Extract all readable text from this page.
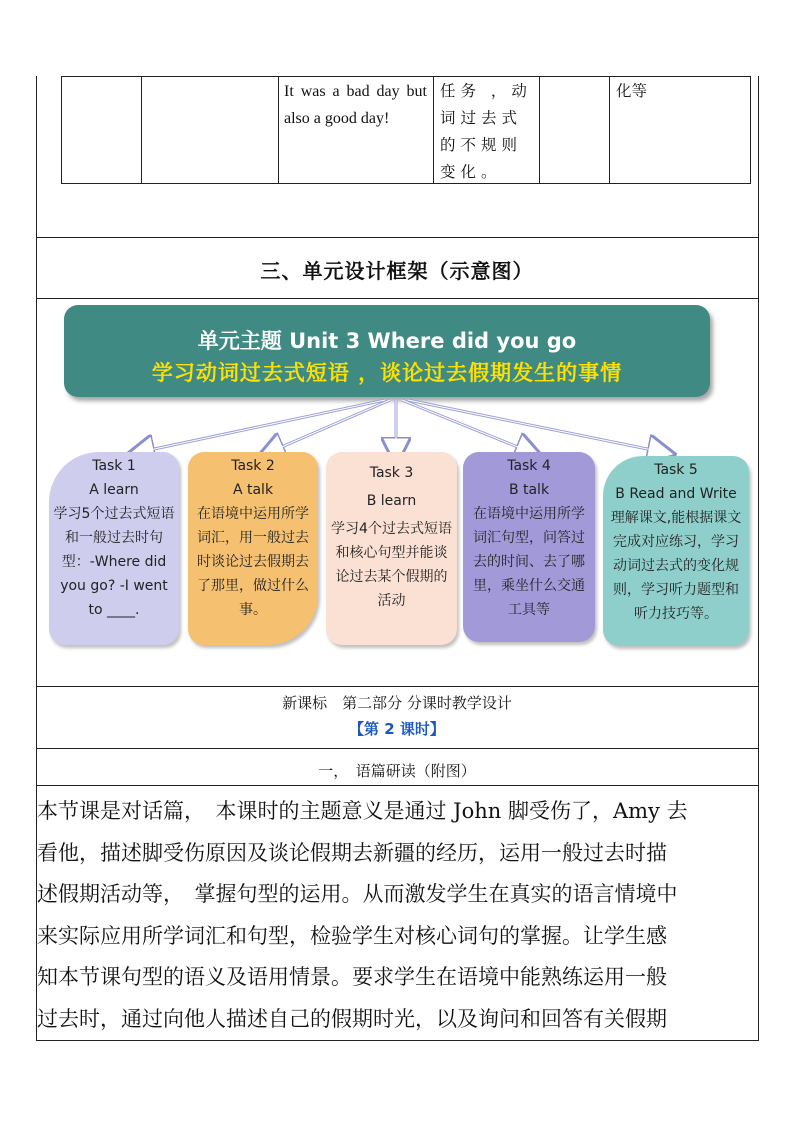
It was a bad day but also a good day!
任务 ，动词过去式的不规则变化。
化等
三、单元设计框架（示意图）
单元主题 Unit 3 Where did you go
学习动词过去式短语 ，谈论过去假期发生的事情
Task 1
A learn
学习5个过去式短语和一般过去时句型：-Where did you go? -I went to ____.
Task 2
A talk
在语境中运用所学词汇，用一般过去时谈论过去假期去了那里，做过什么事。
Task 3
B learn
学习4个过去式短语和核心句型并能谈论过去某个假期的活动
Task 4
B talk
在语境中运用所学词汇句型，问答过去的时间、去了哪里，乘坐什么交通工具等
Task 5
B Read and Write
理解课文,能根据课文完成对应练习，学习动词过去式的变化规则，学习听力题型和听力技巧等。
新课标　第二部分 分课时教学设计
【第 2 课时】
一，　语篇研读（附图）
本节课是对话篇，　本课时的主题意义是通过 John 脚受伤了，Amy 去
看他，描述脚受伤原因及谈论假期去新疆的经历，运用一般过去时描
述假期活动等，　掌握句型的运用。从而激发学生在真实的语言情境中
来实际应用所学词汇和句型，检验学生对核心词句的掌握。让学生感
知本节课句型的语义及语用情景。要求学生在语境中能熟练运用一般
过去时，通过向他人描述自己的假期时光，以及询问和回答有关假期
